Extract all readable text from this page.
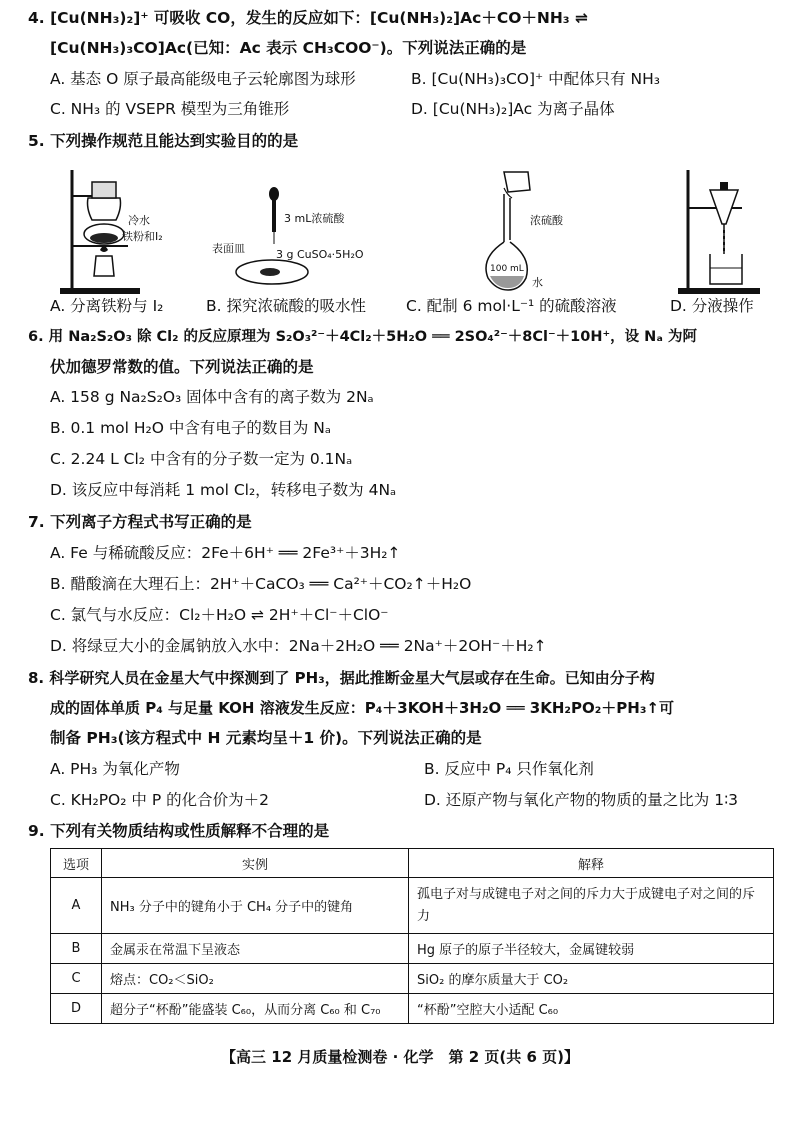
4. [Cu(NH₃)₂]⁺ 可吸收 CO，发生的反应如下：[Cu(NH₃)₂]Ac＋CO＋NH₃ ⇌
[Cu(NH₃)₃CO]Ac(已知：Ac 表示 CH₃COO⁻)。下列说法正确的是
A. 基态 O 原子最高能级电子云轮廓图为球形	B. [Cu(NH₃)₃CO]⁺ 中配体只有 NH₃
C. NH₃ 的 VSEPR 模型为三角锥形	D. [Cu(NH₃)₂]Ac 为离子晶体
5. 下列操作规范且能达到实验目的的是
冷水
铁粉和I₂
3 mL浓硫酸
表面皿	3 g CuSO₄·5H₂O
浓硫酸
100 mL
水
A. 分离铁粉与 I₂	B. 探究浓硫酸的吸水性	C. 配制 6 mol·L⁻¹ 的硫酸溶液	D. 分液操作
6. 用 Na₂S₂O₃ 除 Cl₂ 的反应原理为 S₂O₃²⁻＋4Cl₂＋5H₂O ══ 2SO₄²⁻＋8Cl⁻＋10H⁺，设 Nₐ 为阿
伏加德罗常数的值。下列说法正确的是
A. 158 g Na₂S₂O₃ 固体中含有的离子数为 2Nₐ
B. 0.1 mol H₂O 中含有电子的数目为 Nₐ
C. 2.24 L Cl₂ 中含有的分子数一定为 0.1Nₐ
D. 该反应中每消耗 1 mol Cl₂，转移电子数为 4Nₐ
7. 下列离子方程式书写正确的是
A. Fe 与稀硫酸反应：2Fe＋6H⁺ ══ 2Fe³⁺＋3H₂↑
B. 醋酸滴在大理石上：2H⁺＋CaCO₃ ══ Ca²⁺＋CO₂↑＋H₂O
C. 氯气与水反应：Cl₂＋H₂O ⇌ 2H⁺＋Cl⁻＋ClO⁻
D. 将绿豆大小的金属钠放入水中：2Na＋2H₂O ══ 2Na⁺＋2OH⁻＋H₂↑
8. 科学研究人员在金星大气中探测到了 PH₃，据此推断金星大气层或存在生命。已知由分子构
成的固体单质 P₄ 与足量 KOH 溶液发生反应：P₄＋3KOH＋3H₂O ══ 3KH₂PO₂＋PH₃↑可
制备 PH₃(该方程式中 H 元素均呈＋1 价)。下列说法正确的是
A. PH₃ 为氧化产物	B. 反应中 P₄ 只作氧化剂
C. KH₂PO₂ 中 P 的化合价为＋2	D. 还原产物与氧化产物的物质的量之比为 1∶3
9. 下列有关物质结构或性质解释不合理的是
选项	实例	解释
A	NH₃ 分子中的键角小于 CH₄ 分子中的键角	孤电子对与成键电子对之间的斥力大于成键电子对之间的斥力
B	金属汞在常温下呈液态	Hg 原子的原子半径较大，金属键较弱
C	熔点：CO₂＜SiO₂	SiO₂ 的摩尔质量大于 CO₂
D	超分子“杯酚”能盛装 C₆₀，从而分离 C₆₀ 和 C₇₀	“杯酚”空腔大小适配 C₆₀
【高三 12 月质量检测卷 · 化学　第 2 页(共 6 页)】
